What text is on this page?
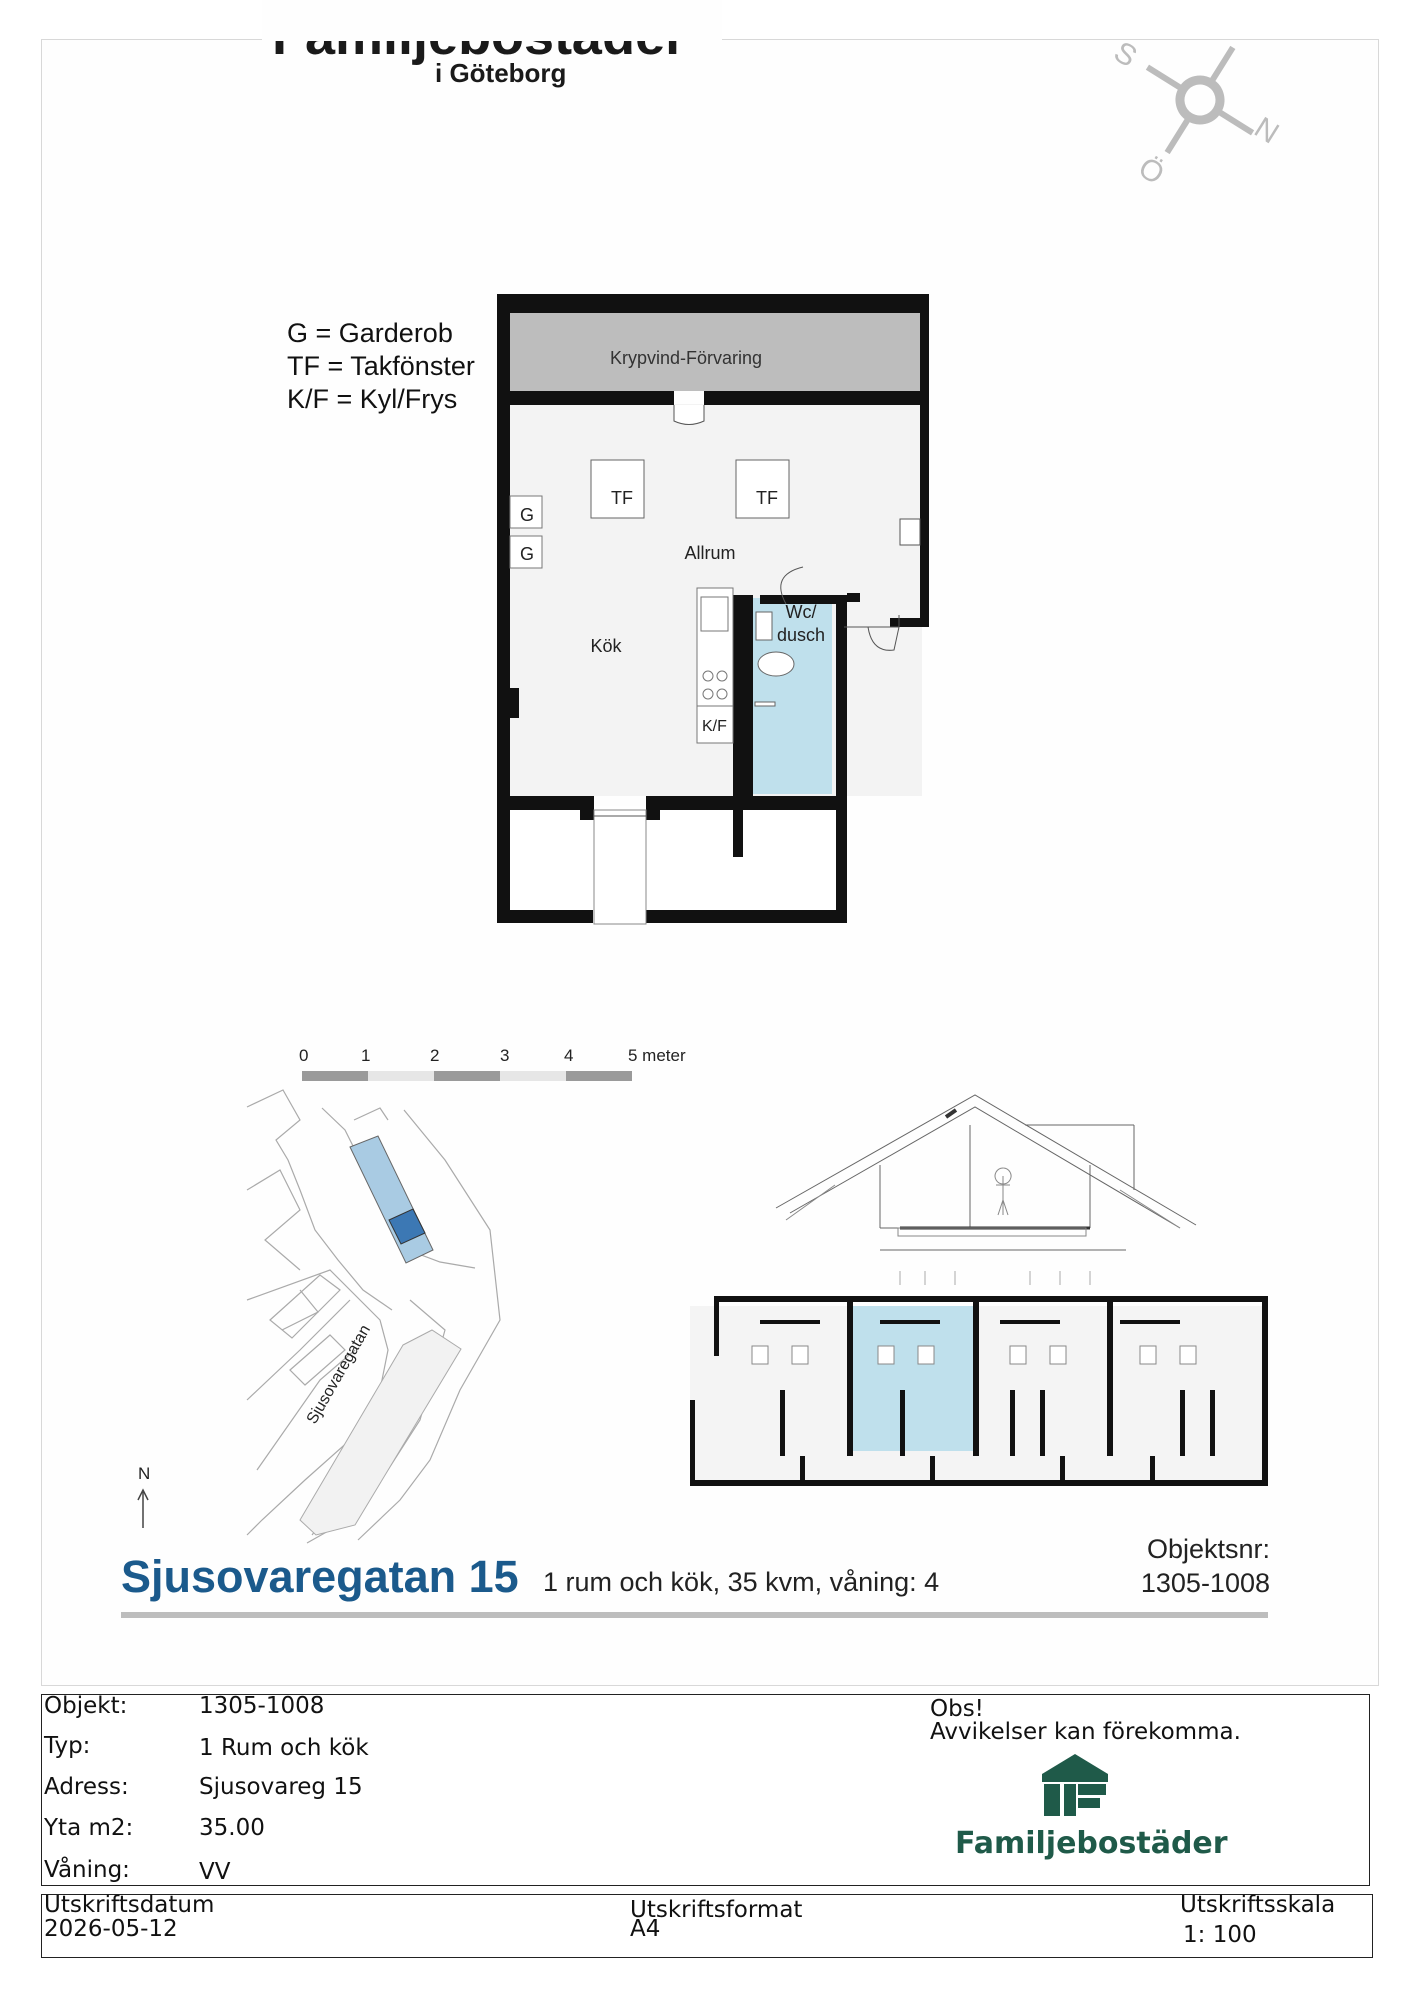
i Göteborg	S
N
Ö
G = Garderob
TF = Takfönster
K/F = Kyl/Frys
Krypvind-Förvaring
TF	TF
G
G
K/F
Allrum
Kök
Wc/
dusch
0	1	2	3	4	5 meter
Sjusovaregatan
N
Sjusovaregatan 15 1 rum och kök, 35 kvm, våning: 4
Objektsnr:
1305-1008
Objekt:	1305-1008
Typ:	1 Rum och kök
Adress:	Sjusovareg 15
Yta m2:	35.00
Våning:	VV
Obs!
Avvikelser kan förekomma.
Familjebostäder
Utskriftsdatum
2026-05-12
Utskriftsformat
A4
Utskriftsskala
1: 100
